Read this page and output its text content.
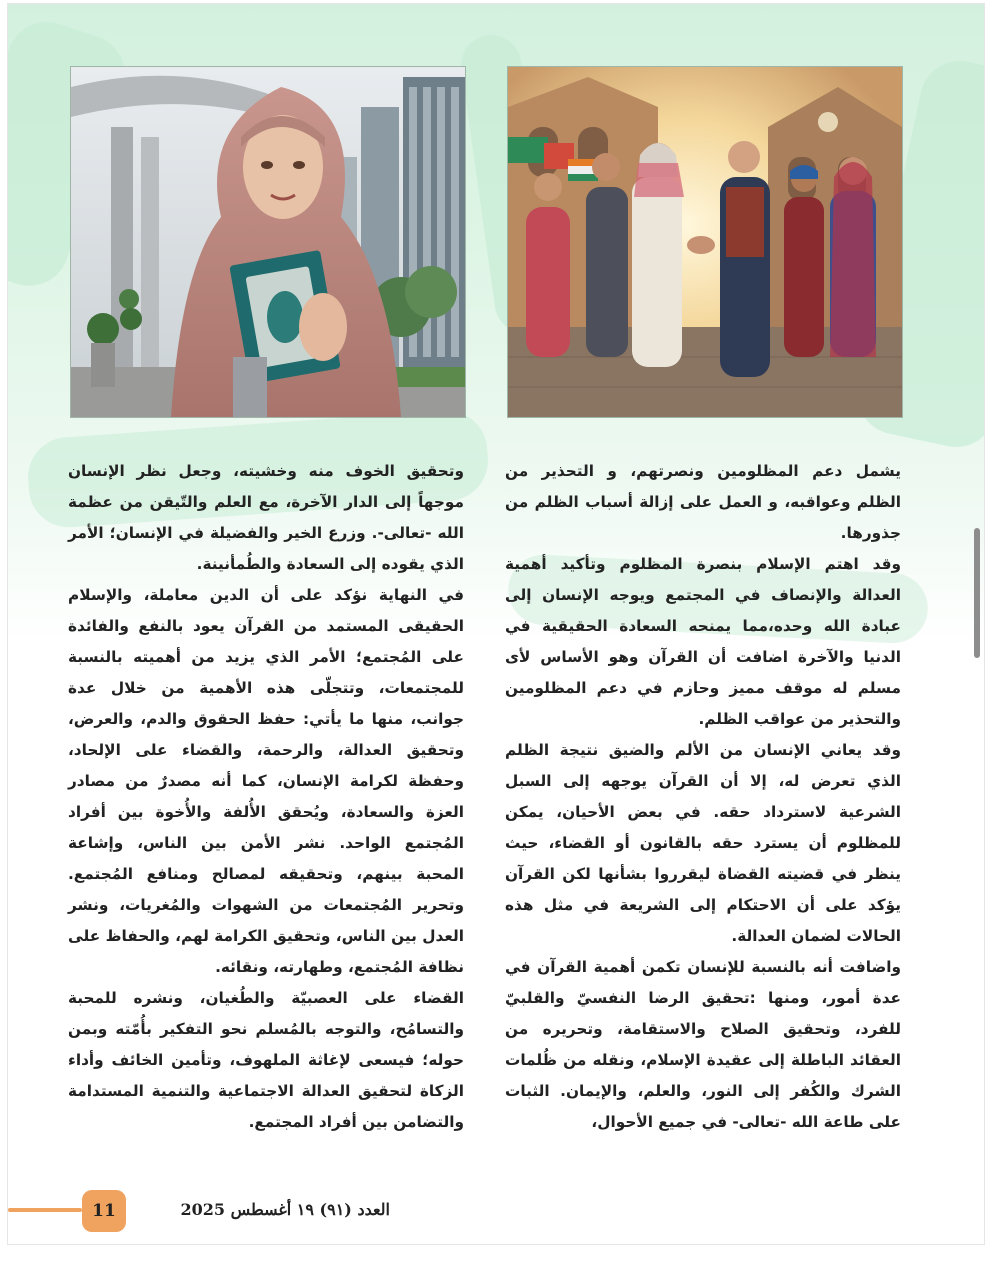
يشمل دعم المظلومين ونصرتهم، و التحذير من الظلم وعواقبه، و العمل على إزالة أسباب الظلم من جذورها.

وقد اهتم الإسلام بنصرة المظلوم وتأكيد أهمية العدالة والإنصاف في المجتمع ويوجه الإنسان إلى عبادة الله وحده،مما يمنحه السعادة الحقيقية في الدنيا والآخرة اضافت أن القرآن وهو الأساس لأى مسلم له موقف مميز وحازم في دعم المظلومين والتحذير من عواقب الظلم.

وقد يعاني الإنسان من الألم والضيق نتيجة الظلم الذي تعرض له، إلا أن القرآن يوجهه إلى السبل الشرعية لاسترداد حقه. في بعض الأحيان، يمكن للمظلوم أن يسترد حقه بالقانون أو القضاء، حيث ينظر في قضيته القضاة ليقرروا بشأنها لكن القرآن يؤكد على أن الاحتكام إلى الشريعة في مثل هذه الحالات لضمان العدالة.

واضافت أنه بالنسبة للإنسان تكمن أهمية القرآن في عدة أمور، ومنها :تحقيق الرضا النفسيّ والقلبيّ للفرد، وتحقيق الصلاح والاستقامة، وتحريره من العقائد الباطلة إلى عقيدة الإسلام، ونقله من ظُلمات الشرك والكُفر إلى النور، والعلم، والإيمان. الثبات على طاعة الله -تعالى- في جميع الأحوال،

وتحقيق الخوف منه وخشيته، وجعل نظر الإنسان موجهاً إلى الدار الآخرة، مع العلم والتّيقن من عظمة الله -تعالى-. وزرع الخير والفضيلة في الإنسان؛ الأمر الذي يقوده إلى السعادة والطُمأنينة.

في النهاية نؤكد على أن الدين معاملة، والإسلام الحقيقى المستمد من القرآن يعود بالنفع والفائدة على المُجتمع؛ الأمر الذي يزيد من أهميته بالنسبة للمجتمعات، وتتجلّى هذه الأهمية من خلال عدة جوانب، منها ما يأتي: حفظ الحقوق والدم، والعرض، وتحقيق العدالة، والرحمة، والقضاء على الإلحاد، وحفظة لكرامة الإنسان، كما أنه مصدرٌ من مصادر العزة والسعادة، ويُحقق الأُلفة والأُخوة بين أفراد المُجتمع الواحد. نشر الأمن بين الناس، وإشاعة المحبة بينهم، وتحقيقه لمصالح ومنافع المُجتمع. وتحرير المُجتمعات من الشهوات والمُغريات، ونشر العدل بين الناس، وتحقيق الكرامة لهم، والحفاظ على نظافة المُجتمع، وطهارته، ونقائه.

القضاء على العصبيّة والطُغيان، ونشره للمحبة والتسامُح، والتوجه بالمُسلم نحو التفكير بأُمّته وبمن حوله؛ فيسعى لإغاثة الملهوف، وتأمين الخائف وأداء الزكاة لتحقيق العدالة الاجتماعية والتنمية المستدامة والتضامن بين أفراد المجتمع.

11	العدد (٩١) ١٩ أغسطس 2025
